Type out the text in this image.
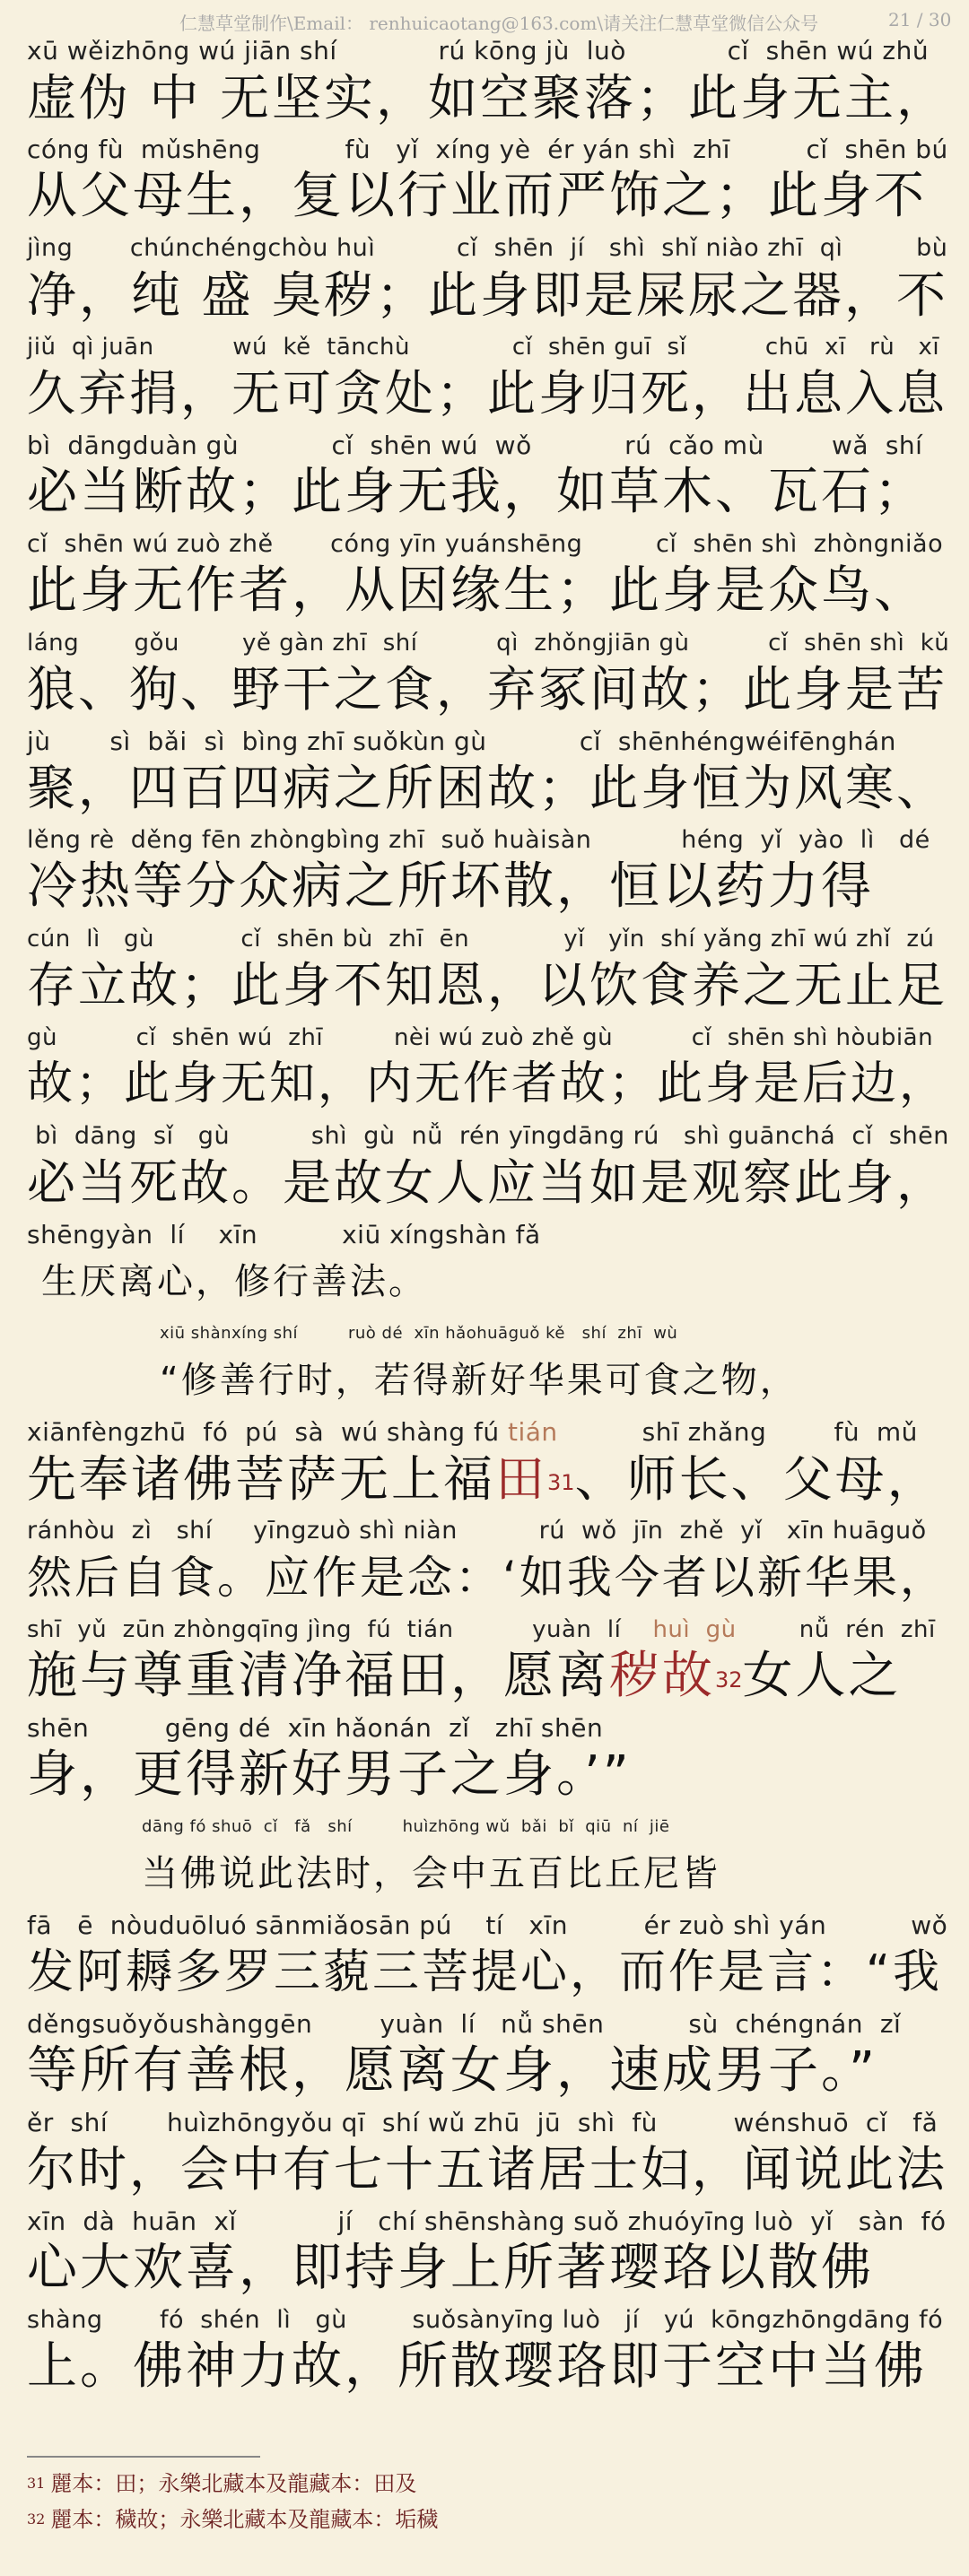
仁慧草堂制作\Email： renhuicaotang@163.com\请关注仁慧草堂微信公众号	21 / 30
xū wěizhōng wú jiān shí            rú kōng jù  luò            cǐ  shēn wú zhǔ
虚伪 中 无坚实，如空聚落；此身无主，
cóng fù  mǔshēng          fù   yǐ  xíng yè  ér yán shì  zhī         cǐ  shēn bú
从父母生，复以行业而严饰之；此身不
jìng       chúnchéngchòu huì          cǐ  shēn  jí   shì  shǐ niào zhī  qì         bù
净，纯 盛 臭秽；此身即是屎尿之器，不
jiǔ  qì juān          wú  kě  tānchù             cǐ  shēn guī  sǐ          chū  xī   rù   xī
久弃捐，无可贪处；此身归死，出息入息
bì  dāngduàn gù           cǐ  shēn wú  wǒ           rú  cǎo mù        wǎ  shí
必当断故；此身无我，如草木、瓦石；
cǐ  shēn wú zuò zhě       cóng yīn yuánshēng         cǐ  shēn shì  zhòngniǎo
此身无作者，从因缘生；此身是众鸟、
láng       gǒu        yě gàn zhī  shí          qì  zhǒngjiān gù          cǐ  shēn shì  kǔ
狼、狗、野干之食，弃冢间故；此身是苦
jù       sì  bǎi  sì  bìng zhī suǒkùn gù           cǐ  shēnhéngwéifēnghán
聚，四百四病之所困故；此身恒为风寒、
lěng rè  děng fēn zhòngbìng zhī  suǒ huàisàn           héng  yǐ  yào  lì   dé
冷热等分众病之所坏散，恒以药力得
cún  lì   gù           cǐ  shēn bù  zhī  ēn            yǐ   yǐn  shí yǎng zhī wú zhǐ  zú
存立故；此身不知恩，以饮食养之无止足
gù          cǐ  shēn wú  zhī         nèi wú zuò zhě gù          cǐ  shēn shì hòubiān
故；此身无知，内无作者故；此身是后边，
bì  dāng  sǐ   gù          shì  gù  nǚ  rén yīngdāng rú   shì guānchá  cǐ  shēn
必当死故。是故女人应当如是观察此身，
shēngyàn  lí    xīn          xiū xíngshàn fǎ
生厌离心，修行善法。
xiū shànxíng shí         ruò dé  xīn hǎohuāguǒ kě   shí  zhī  wù
“修善行时，若得新好华果可食之物，
xiānfèngzhū  fó  pú  sà  wú shàng fú tián          shī zhǎng        fù  mǔ
先奉诸佛菩萨无上福田$^{31}$、师长、父母，
ránhòu  zì   shí     yīngzuò shì niàn          rú  wǒ  jīn  zhě  yǐ   xīn huāguǒ
然后自食。应作是念：‘如我今者以新华果，
shī  yǔ  zūn zhòngqīng jìng  fú  tián          yuàn  lí    huì  gù        nǚ  rén  zhī
施与尊重清净福田，愿离秽故$^{32}$女人之
shēn         gēng dé  xīn hǎonán  zǐ   zhī shēn
身，更得新好男子之身。’”
dāng fó shuō  cǐ   fǎ   shí         huìzhōng wǔ  bǎi  bǐ  qiū  ní  jiē
当佛说此法时，会中五百比丘尼皆
fā   ē  nòuduōluó sānmiǎosān pú    tí   xīn         ér zuò shì yán          wǒ
发阿耨多罗三藐三菩提心，而作是言：“我
děngsuǒyǒushànggēn        yuàn  lí   nǚ shēn          sù  chéngnán  zǐ
等所有善根，愿离女身，速成男子。”
ěr  shí       huìzhōngyǒu qī  shí wǔ zhū  jū  shì  fù         wénshuō  cǐ   fǎ
尔时，会中有七十五诸居士妇，闻说此法
xīn  dà  huān  xǐ            jí   chí shēnshàng suǒ zhuóyīng luò  yǐ   sàn  fó
心大欢喜，即持身上所著璎珞以散佛
shàng       fó  shén  lì   gù        suǒsànyīng luò   jí   yú  kōngzhōngdāng fó
上。佛神力故，所散璎珞即于空中当佛
$^{31}$ 麗本：田；永樂北藏本及龍藏本：田及
$^{32}$ 麗本：穢故；永樂北藏本及龍藏本：垢穢
